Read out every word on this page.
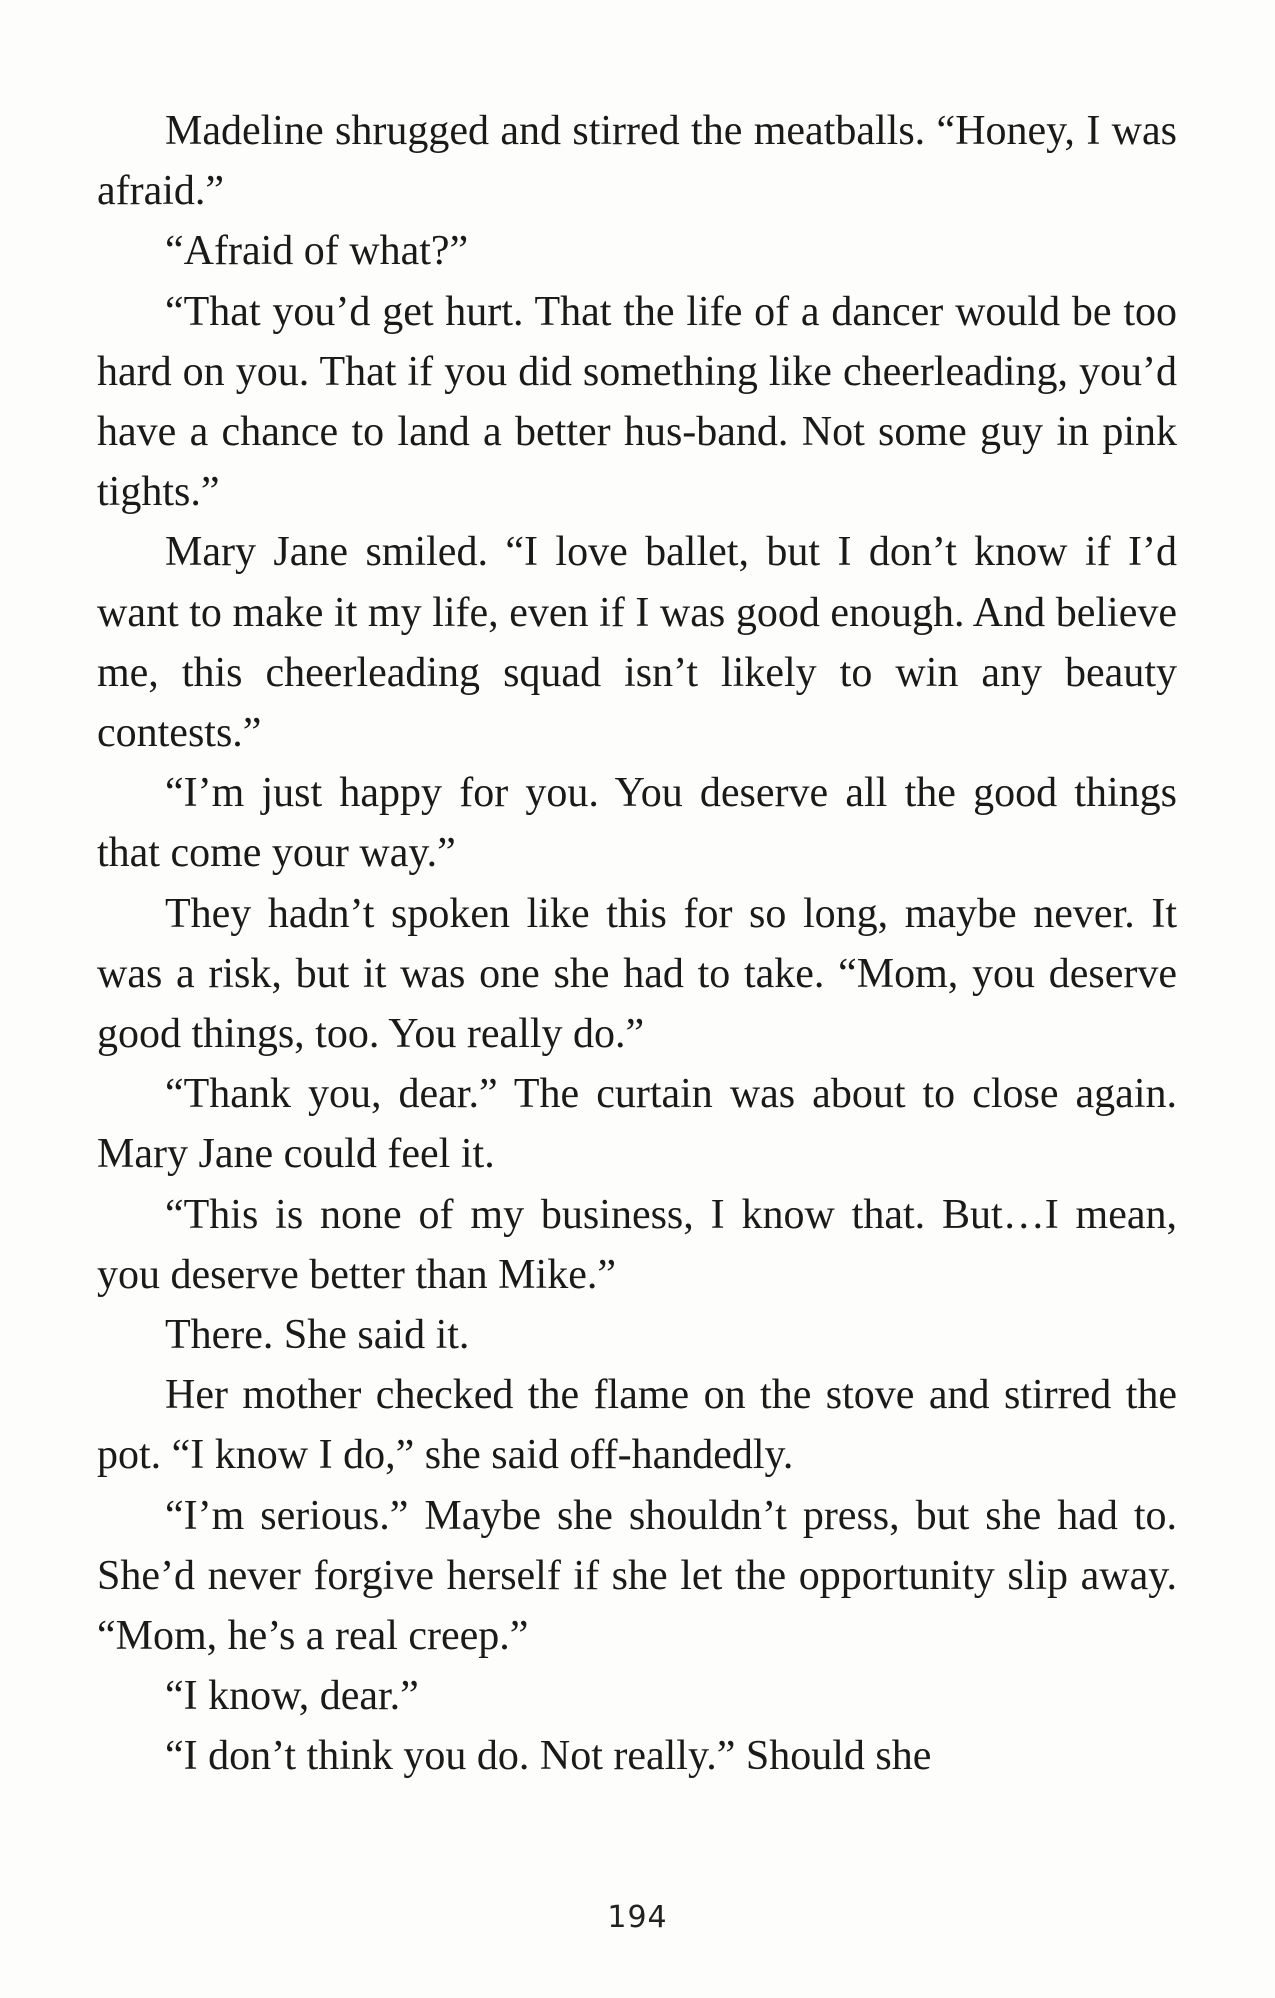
Madeline shrugged and stirred the meatballs. “Honey, I was afraid.”

“Afraid of what?”

“That you’d get hurt. That the life of a dancer would be too hard on you. That if you did something like cheerleading, you’d have a chance to land a better hus-band. Not some guy in pink tights.”

Mary Jane smiled. “I love ballet, but I don’t know if I’d want to make it my life, even if I was good enough. And believe me, this cheerleading squad isn’t likely to win any beauty contests.”

“I’m just happy for you. You deserve all the good things that come your way.”

They hadn’t spoken like this for so long, maybe never. It was a risk, but it was one she had to take. “Mom, you deserve good things, too. You really do.”

“Thank you, dear.” The curtain was about to close again. Mary Jane could feel it.

“This is none of my business, I know that. But…I mean, you deserve better than Mike.”

There. She said it.

Her mother checked the flame on the stove and stirred the pot. “I know I do,” she said off-handedly.

“I’m serious.” Maybe she shouldn’t press, but she had to. She’d never forgive herself if she let the opportunity slip away. “Mom, he’s a real creep.”

“I know, dear.”

“I don’t think you do. Not really.” Should she

194
